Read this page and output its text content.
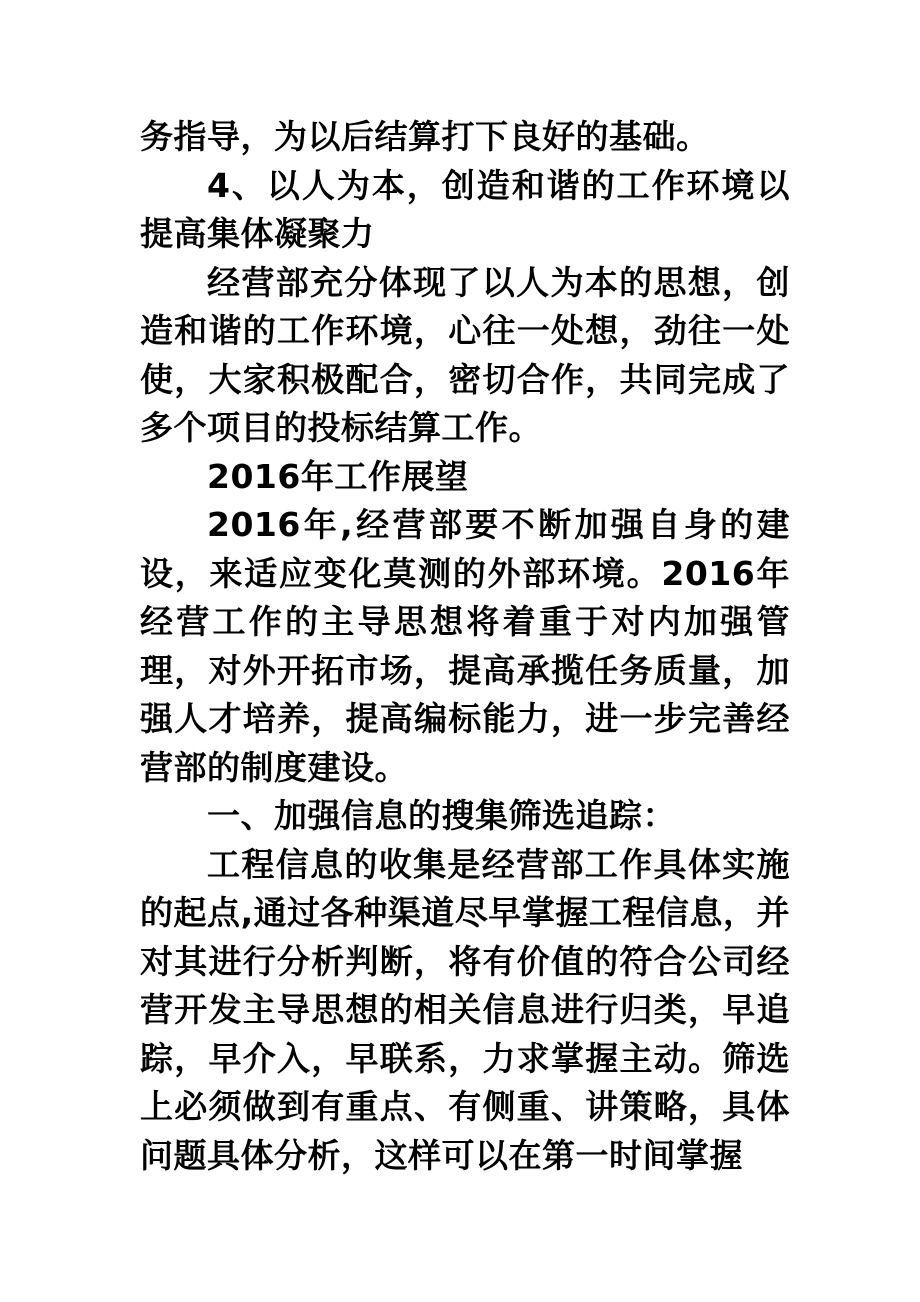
务指导，为以后结算打下良好的基础。

4、以人为本，创造和谐的工作环境以提高集体凝聚力

经营部充分体现了以人为本的思想，创造和谐的工作环境，心往一处想，劲往一处使，大家积极配合，密切合作，共同完成了多个项目的投标结算工作。

2016年工作展望

2016年,经营部要不断加强自身的建设，来适应变化莫测的外部环境。2016年经营工作的主导思想将着重于对内加强管理，对外开拓市场，提高承揽任务质量，加强人才培养，提高编标能力，进一步完善经营部的制度建设。

一、加强信息的搜集筛选追踪：

工程信息的收集是经营部工作具体实施的起点,通过各种渠道尽早掌握工程信息，并对其进行分析判断，将有价值的符合公司经营开发主导思想的相关信息进行归类，早追踪，早介入，早联系，力求掌握主动。筛选上必须做到有重点、有侧重、讲策略，具体问题具体分析，这样可以在第一时间掌握
